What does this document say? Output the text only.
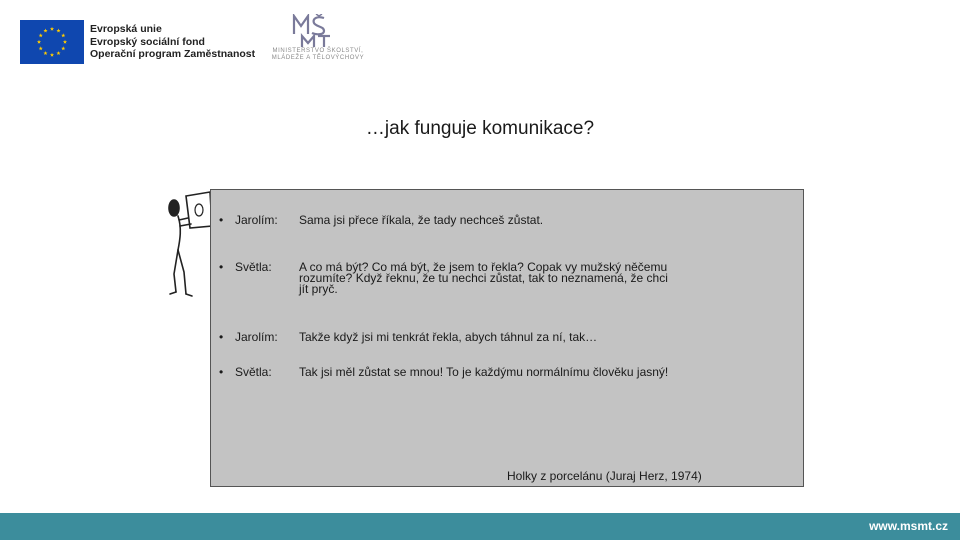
Evropská unie
Evropský sociální fond
Operační program Zaměstnanost	MINISTERSTVO ŠKOLSTVÍ,
MLÁDEŽE A TĚLOVÝCHOVY
…jak funguje komunikace?
• Jarolím:	Sama jsi přece říkala, že tady nechceš zůstat.
• Světla:	A co má být? Co má být, že jsem to řekla? Copak vy mužský něčemu rozumíte? Když řeknu, že tu nechci zůstat, tak to neznamená, že chci jít pryč.
• Jarolím:	Takže když jsi mi tenkrát řekla, abych táhnul za ní, tak…
• Světla:	Tak jsi měl zůstat se mnou! To je každýmu normálnímu člověku jasný!
Holky z porcelánu (Juraj Herz, 1974)
www.msmt.cz
